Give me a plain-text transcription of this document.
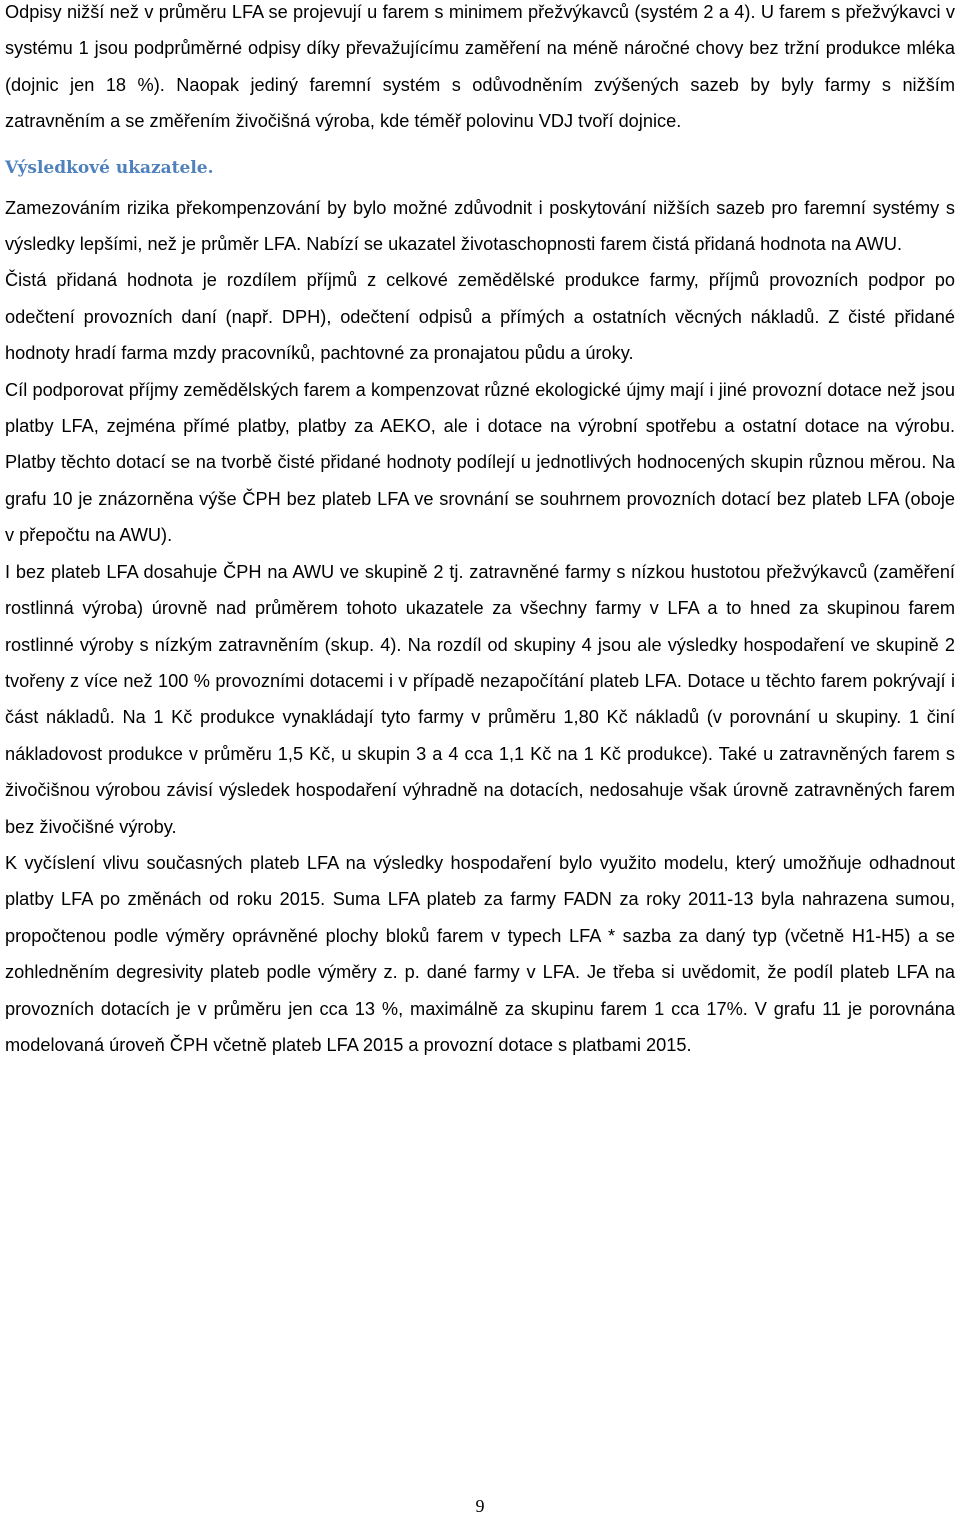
Odpisy nižší než v průměru LFA se projevují u farem s minimem přežvýkavců (systém 2 a 4). U farem s přežvýkavci v systému 1 jsou podprůměrné odpisy díky převažujícímu zaměření na méně náročné chovy bez tržní produkce mléka (dojnic jen 18 %). Naopak jediný faremní systém s odůvodněním zvýšených sazeb by byly farmy s nižším zatravněním a se změřením živočišná výroba, kde téměř polovinu VDJ tvoří dojnice.

Výsledkové ukazatele.

Zamezováním rizika překompenzování by bylo možné zdůvodnit i poskytování nižších sazeb pro faremní systémy s výsledky lepšími, než je průměr LFA. Nabízí se ukazatel životaschopnosti farem čistá přidaná hodnota na AWU.

Čistá přidaná hodnota je rozdílem příjmů z celkové zemědělské produkce farmy, příjmů provozních podpor po odečtení provozních daní (např. DPH), odečtení odpisů a přímých a ostatních věcných nákladů. Z čisté přidané hodnoty hradí farma mzdy pracovníků, pachtovné za pronajatou půdu a úroky.

Cíl podporovat příjmy zemědělských farem a kompenzovat různé ekologické újmy mají i jiné provozní dotace než jsou platby LFA, zejména přímé platby, platby za AEKO, ale i dotace na výrobní spotřebu a ostatní dotace na výrobu. Platby těchto dotací se na tvorbě čisté přidané hodnoty podílejí u jednotlivých hodnocených skupin různou měrou. Na grafu 10 je znázorněna výše ČPH bez plateb LFA ve srovnání se souhrnem provozních dotací bez plateb LFA (oboje v přepočtu na AWU).

I bez plateb LFA dosahuje ČPH na AWU ve skupině 2 tj. zatravněné farmy s nízkou hustotou přežvýkavců (zaměření rostlinná výroba) úrovně nad průměrem tohoto ukazatele za všechny farmy v LFA a to hned za skupinou farem rostlinné výroby s nízkým zatravněním (skup. 4). Na rozdíl od skupiny 4 jsou ale výsledky hospodaření ve skupině 2 tvořeny z více než 100 % provozními dotacemi i v případě nezapočítání plateb LFA. Dotace u těchto farem pokrývají i část nákladů. Na 1 Kč produkce vynakládají tyto farmy v průměru 1,80 Kč nákladů (v porovnání u skupiny. 1 činí nákladovost produkce v průměru 1,5 Kč, u skupin 3 a 4 cca 1,1 Kč na 1 Kč produkce). Také u zatravněných farem s živočišnou výrobou závisí výsledek hospodaření výhradně na dotacích, nedosahuje však úrovně zatravněných farem bez živočišné výroby.

K vyčíslení vlivu současných plateb LFA na výsledky hospodaření bylo využito modelu, který umožňuje odhadnout platby LFA po změnách od roku 2015. Suma LFA plateb za farmy FADN za roky 2011-13 byla nahrazena sumou, propočtenou podle výměry oprávněné plochy bloků farem v typech LFA * sazba za daný typ (včetně H1-H5) a se zohledněním degresivity plateb podle výměry z. p. dané farmy v LFA. Je třeba si uvědomit, že podíl plateb LFA na provozních dotacích je v průměru jen cca 13 %, maximálně za skupinu farem 1 cca 17%. V grafu 11 je porovnána modelovaná úroveň ČPH včetně plateb LFA 2015 a provozní dotace s platbami 2015.

9
